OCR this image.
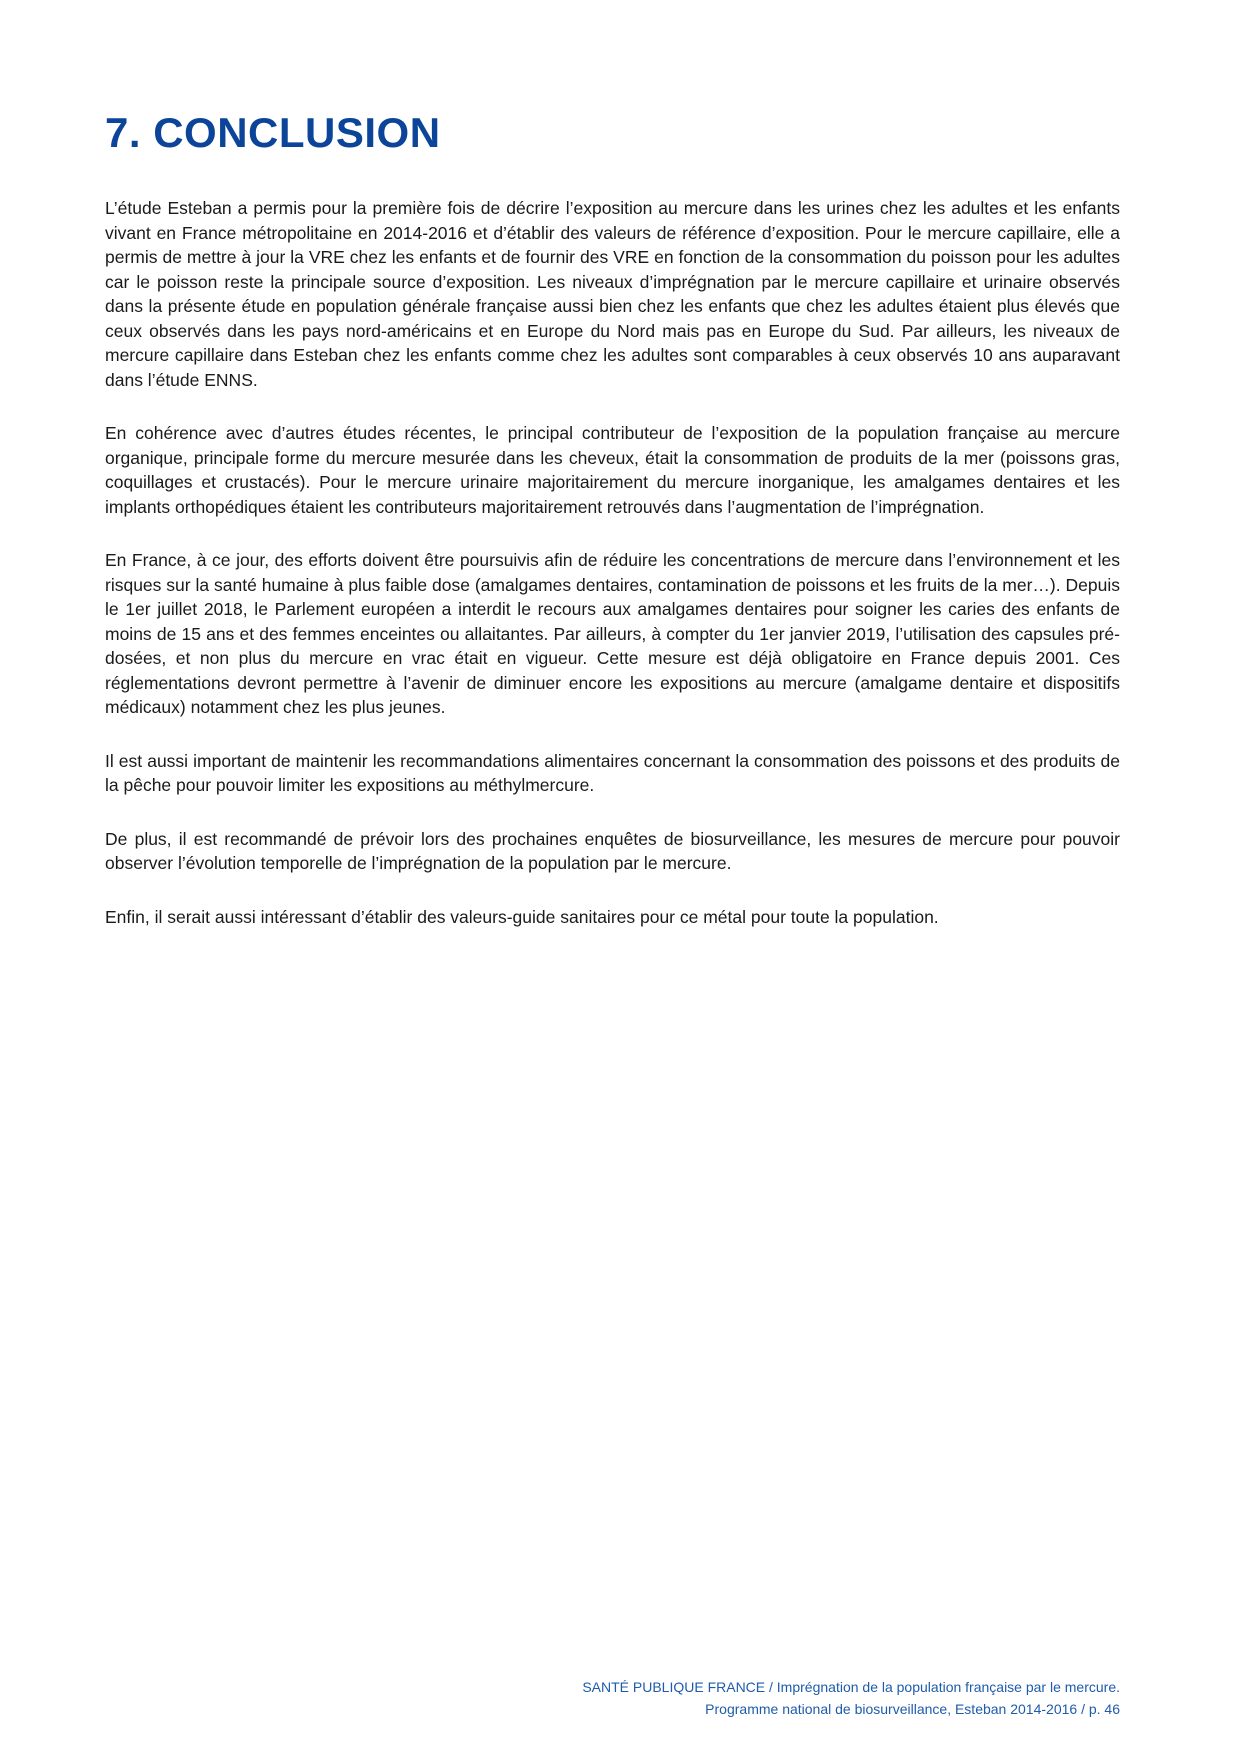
7. CONCLUSION

L’étude Esteban a permis pour la première fois de décrire l’exposition au mercure dans les urines chez les adultes et les enfants vivant en France métropolitaine en 2014-2016 et d’établir des valeurs de référence d’exposition. Pour le mercure capillaire, elle a permis de mettre à jour la VRE chez les enfants et de fournir des VRE en fonction de la consommation du poisson pour les adultes car le poisson reste la principale source d’exposition. Les niveaux d’imprégnation par le mercure capillaire et urinaire observés dans la présente étude en population générale française aussi bien chez les enfants que chez les adultes étaient plus élevés que ceux observés dans les pays nord-américains et en Europe du Nord mais pas en Europe du Sud. Par ailleurs, les niveaux de mercure capillaire dans Esteban chez les enfants comme chez les adultes sont comparables à ceux observés 10 ans auparavant dans l’étude ENNS.

En cohérence avec d’autres études récentes, le principal contributeur de l’exposition de la population française au mercure organique, principale forme du mercure mesurée dans les cheveux, était la consommation de produits de la mer (poissons gras, coquillages et crustacés). Pour le mercure urinaire majoritairement du mercure inorganique, les amalgames dentaires et les implants orthopédiques étaient les contributeurs majoritairement retrouvés dans l’augmentation de l’imprégnation.

En France, à ce jour, des efforts doivent être poursuivis afin de réduire les concentrations de mercure dans l’environnement et les risques sur la santé humaine à plus faible dose (amalgames dentaires, contamination de poissons et les fruits de la mer…). Depuis le 1er juillet 2018, le Parlement européen a interdit le recours aux amalgames dentaires pour soigner les caries des enfants de moins de 15 ans et des femmes enceintes ou allaitantes. Par ailleurs, à compter du 1er janvier 2019, l’utilisation des capsules pré-dosées, et non plus du mercure en vrac était en vigueur. Cette mesure est déjà obligatoire en France depuis 2001. Ces réglementations devront permettre à l’avenir de diminuer encore les expositions au mercure (amalgame dentaire et dispositifs médicaux) notamment chez les plus jeunes.

Il est aussi important de maintenir les recommandations alimentaires concernant la consommation des poissons et des produits de la pêche pour pouvoir limiter les expositions au méthylmercure.

De plus, il est recommandé de prévoir lors des prochaines enquêtes de biosurveillance, les mesures de mercure pour pouvoir observer l’évolution temporelle de l’imprégnation de la population par le mercure.

Enfin, il serait aussi intéressant d’établir des valeurs-guide sanitaires pour ce métal pour toute la population.

SANTÉ PUBLIQUE FRANCE / Imprégnation de la population française par le mercure.
Programme national de biosurveillance, Esteban 2014-2016 / p. 46
